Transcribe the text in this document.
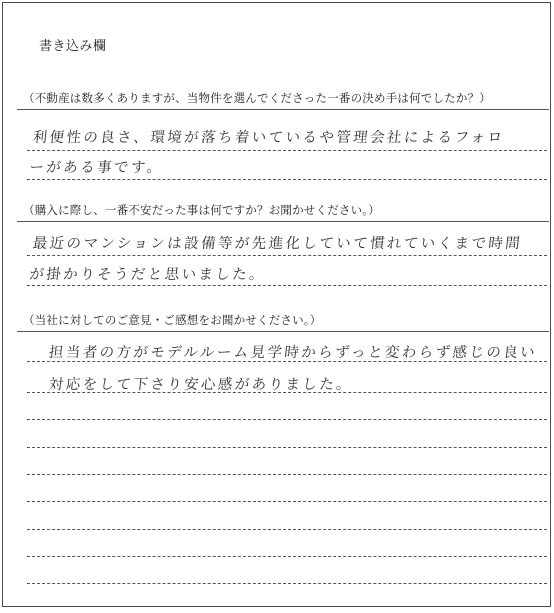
書き込み欄
（不動産は数多くありますが、当物件を選んでくださった一番の決め手は何でしたか？）
利便性の良さ、環境が落ち着いているや管理会社によるフォローがある事です。
（購入に際し、一番不安だった事は何ですか？お聞かせください。）
最近のマンションは設備等が先進化していて慣れていくまで時間が掛かりそうだと思いました。
（当社に対してのご意見・ご感想をお聞かせください。）
担当者の方がモデルルーム見学時からずっと変わらず感じの良い
対応をして下さり安心感がありました。
